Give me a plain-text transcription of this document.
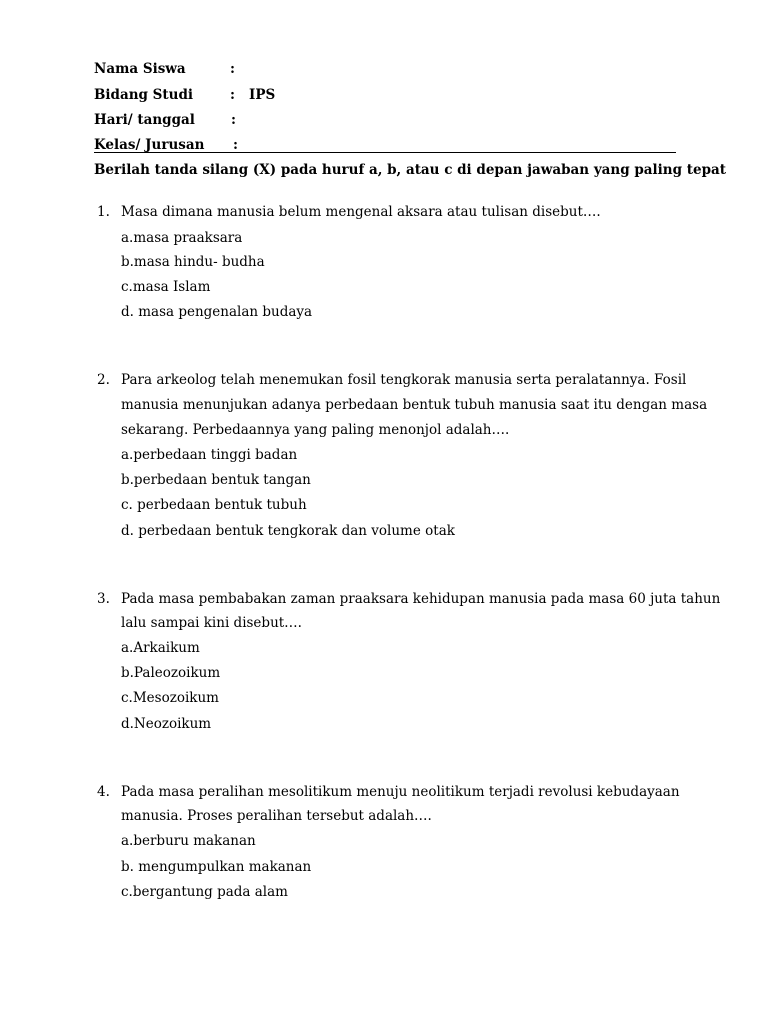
Nama Siswa	:
Bidang Studi	: IPS
Hari/ tanggal	:
Kelas/ Jurusan :
Berilah tanda silang (X) pada huruf a, b, atau c di depan jawaban yang paling tepat
1. Masa dimana manusia belum mengenal aksara atau tulisan disebut….
a.masa praaksara
b.masa hindu- budha
c.masa Islam
d. masa pengenalan budaya
2. Para arkeolog telah menemukan fosil tengkorak manusia serta peralatannya. Fosil
manusia menunjukan adanya perbedaan bentuk tubuh manusia saat itu dengan masa
sekarang. Perbedaannya yang paling menonjol adalah….
a.perbedaan tinggi badan
b.perbedaan bentuk tangan
c. perbedaan bentuk tubuh
d. perbedaan bentuk tengkorak dan volume otak
3. Pada masa pembabakan zaman praaksara kehidupan manusia pada masa 60 juta tahun
lalu sampai kini disebut….
a.Arkaikum
b.Paleozoikum
c.Mesozoikum
d.Neozoikum
4. Pada masa peralihan mesolitikum menuju neolitikum terjadi revolusi kebudayaan
manusia. Proses peralihan tersebut adalah….
a.berburu makanan
b. mengumpulkan makanan
c.bergantung pada alam
